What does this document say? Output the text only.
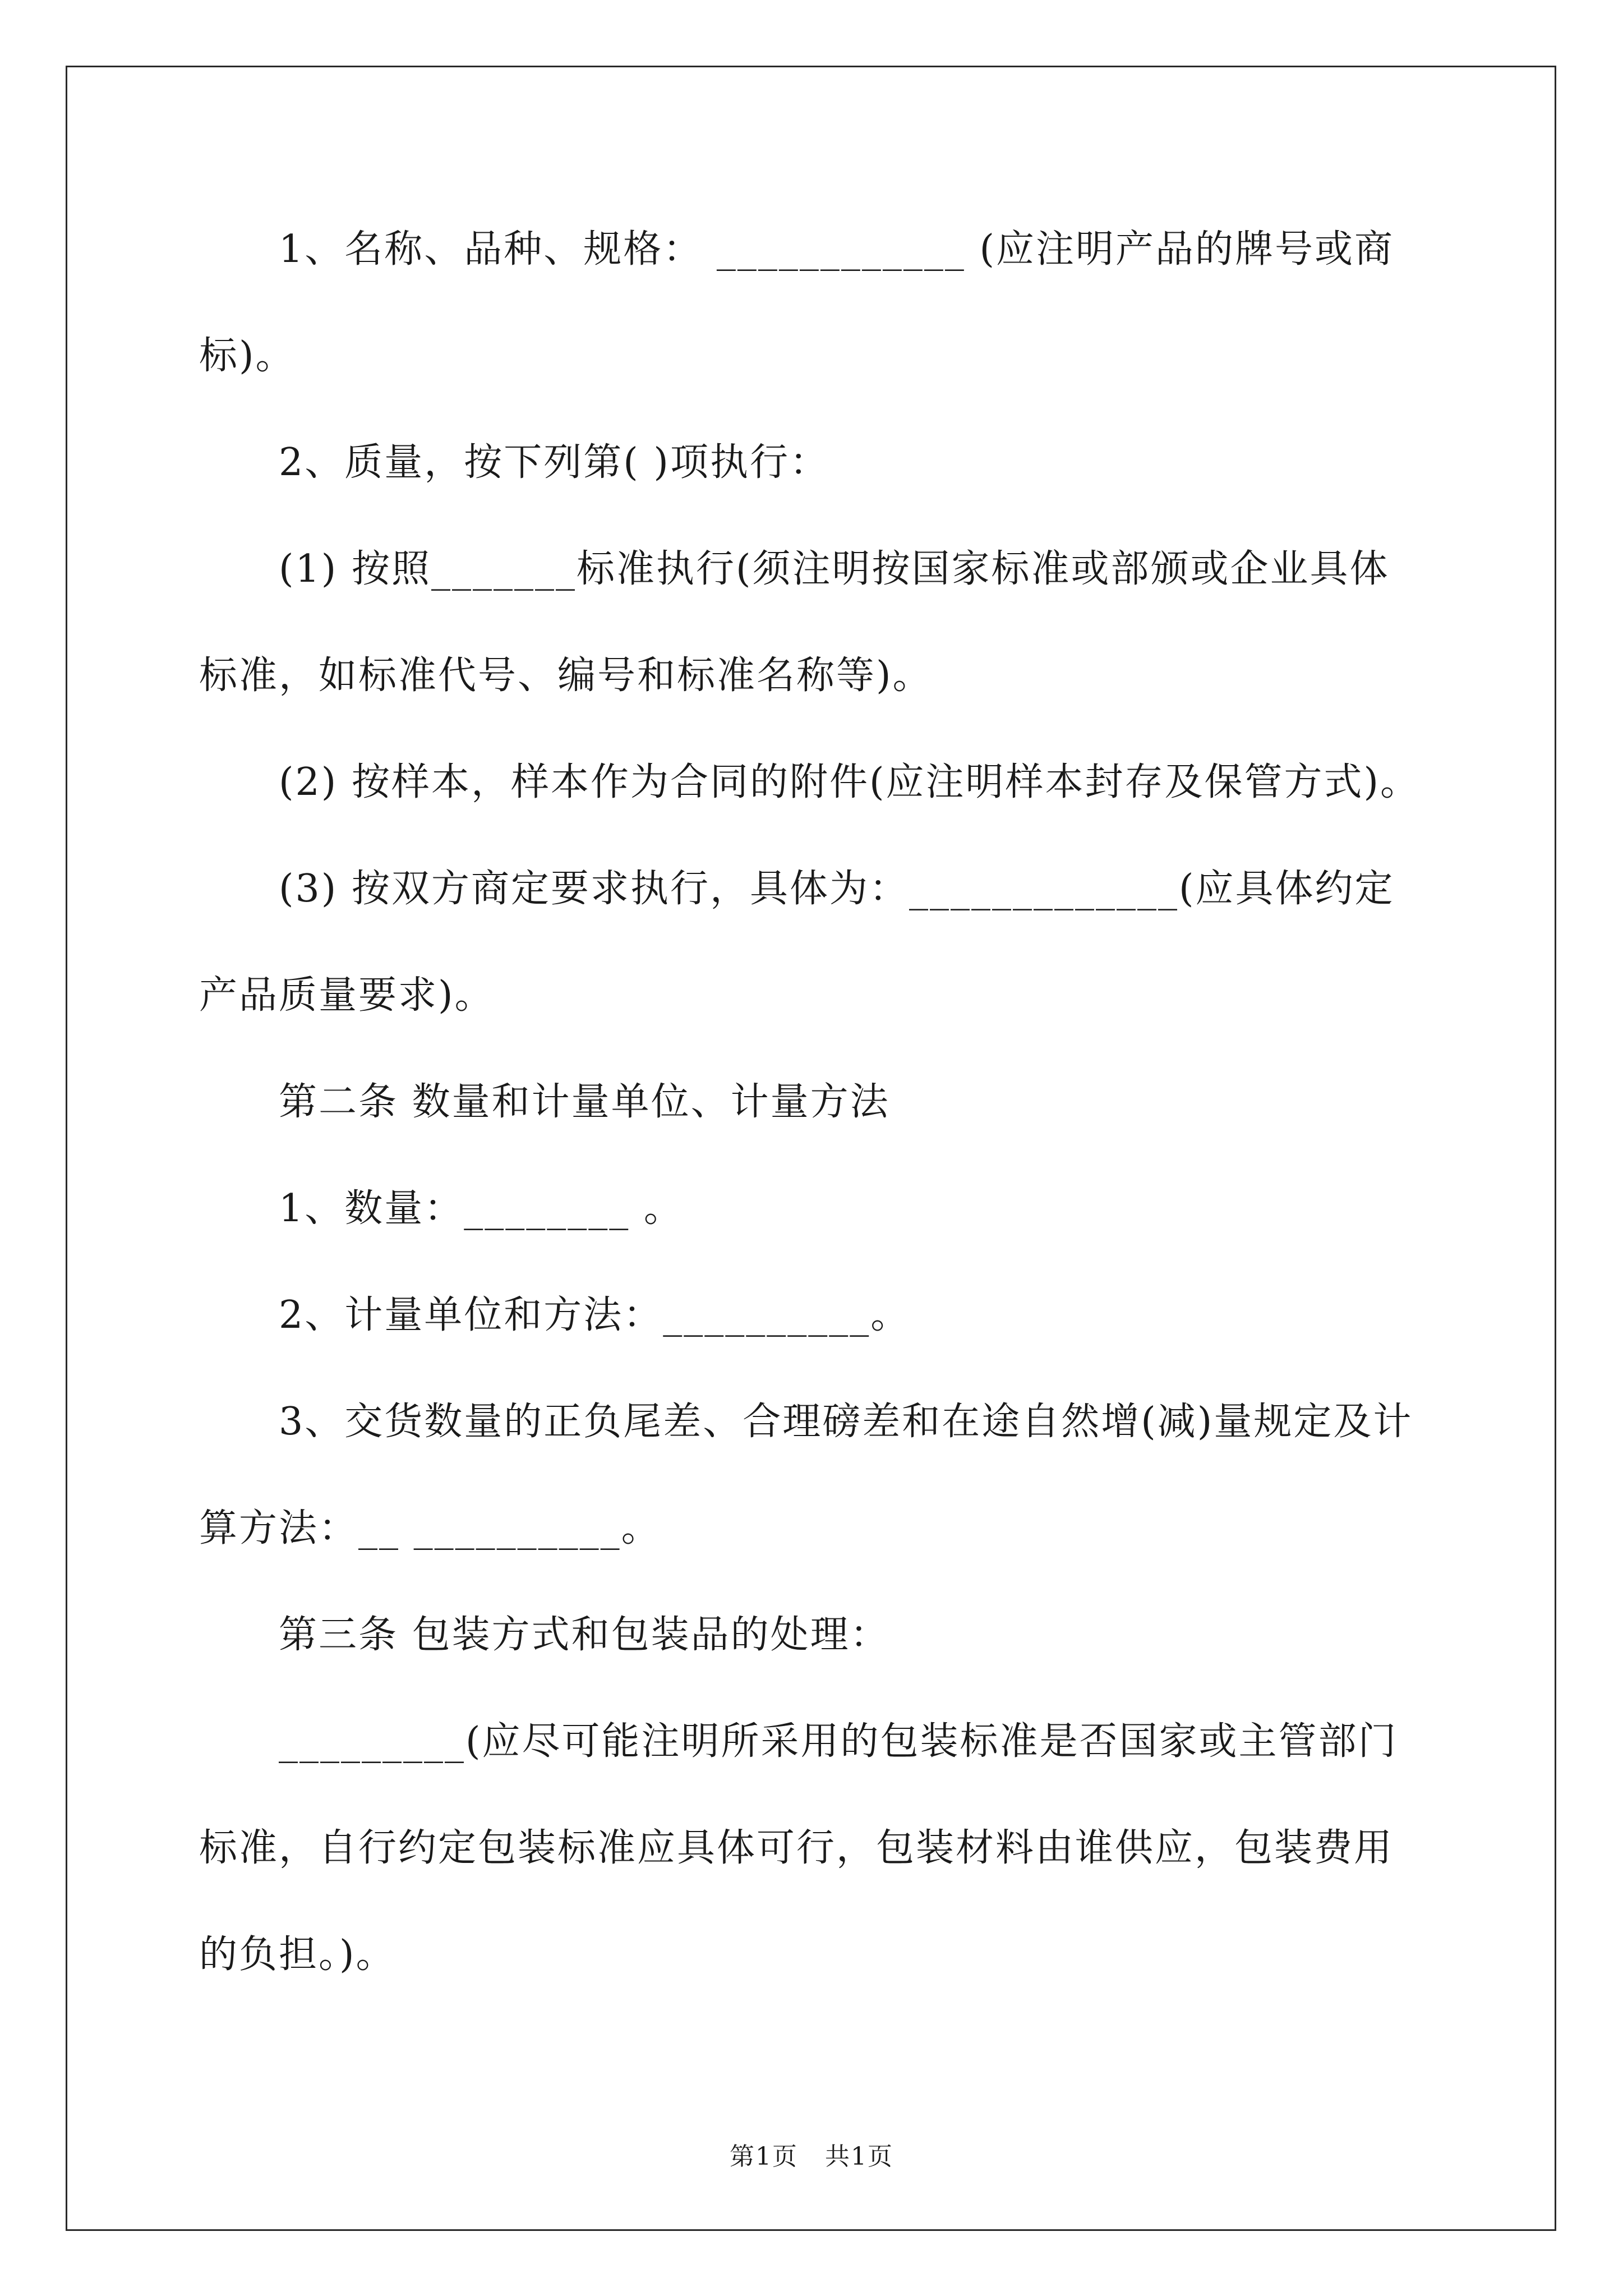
　　1、名称、品种、规格： ____________ (应注明产品的牌号或商

标)。

　　2、质量，按下列第( )项执行：

　　(1) 按照_______标准执行(须注明按国家标准或部颁或企业具体

标准，如标准代号、编号和标准名称等)。

　　(2) 按样本，样本作为合同的附件(应注明样本封存及保管方式)。

　　(3) 按双方商定要求执行，具体为：_____________(应具体约定

产品质量要求)。

　　第二条 数量和计量单位、计量方法

　　1、数量：________ 。

　　2、计量单位和方法：__________。

　　3、交货数量的正负尾差、合理磅差和在途自然增(减)量规定及计

算方法：__ __________。

　　第三条 包装方式和包装品的处理：

　　_________(应尽可能注明所采用的包装标准是否国家或主管部门

标准，自行约定包装标准应具体可行，包装材料由谁供应，包装费用

的负担。)。

第1页 共1页
